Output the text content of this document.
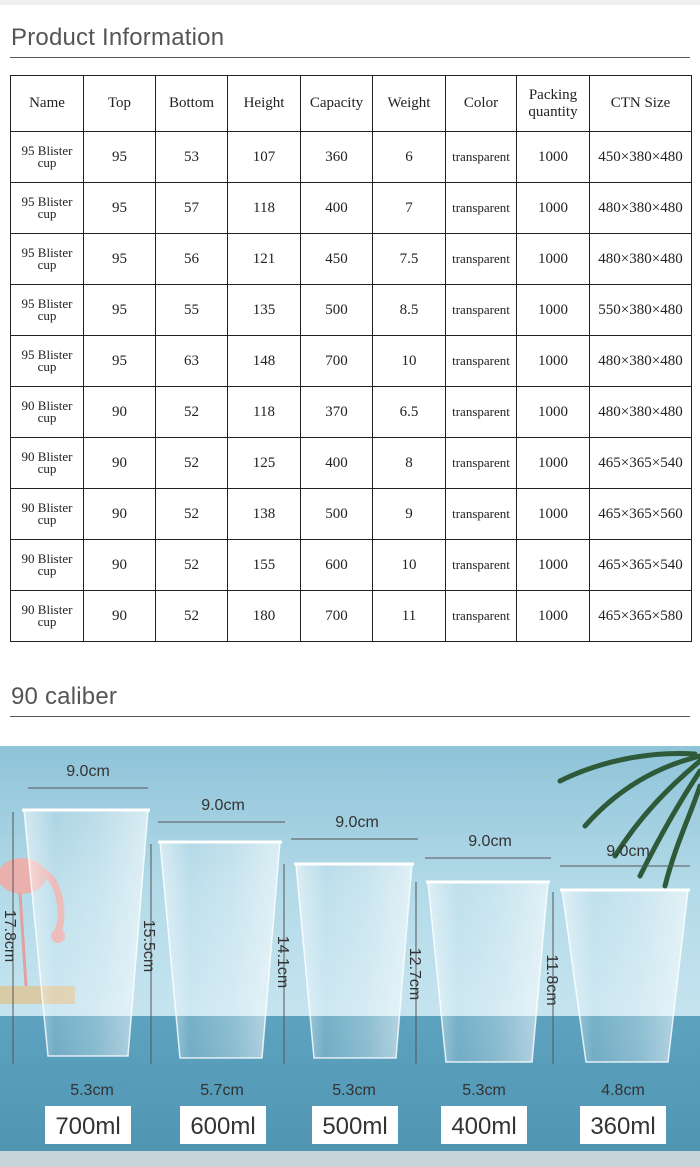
Product Information
Name	Top	Bottom	Height	Capacity	Weight	Color	Packing quantity	CTN Size
95 Blister cup	95	53	107	360	6	transparent	1000	450×380×480
95 Blister cup	95	57	118	400	7	transparent	1000	480×380×480
95 Blister cup	95	56	121	450	7.5	transparent	1000	480×380×480
95 Blister cup	95	55	135	500	8.5	transparent	1000	550×380×480
95 Blister cup	95	63	148	700	10	transparent	1000	480×380×480
90 Blister cup	90	52	118	370	6.5	transparent	1000	480×380×480
90 Blister cup	90	52	125	400	8	transparent	1000	465×365×540
90 Blister cup	90	52	138	500	9	transparent	1000	465×365×560
90 Blister cup	90	52	155	600	10	transparent	1000	465×365×540
90 Blister cup	90	52	180	700	11	transparent	1000	465×365×580
90 caliber
9.0cm
9.0cm
9.0cm
9.0cm
9.0cm
17.8cm	15.5cm	14.1cm	12.7cm	11.8cm
5.3cm	5.7cm	5.3cm	5.3cm	4.8cm
700ml	600ml	500ml	400ml	360ml
